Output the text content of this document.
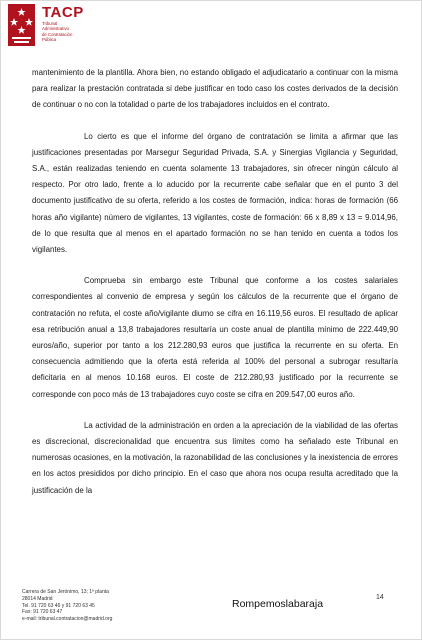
TACP
Tribunal
Administrativo
de Contratación
Pública

mantenimiento de la plantilla. Ahora bien, no estando obligado el adjudicatario a continuar con la misma para realizar la prestación contratada si debe justificar en todo caso los costes derivados de la decisión de continuar o no con la totalidad o parte de los trabajadores incluidos en el contrato.

Lo cierto es que el informe del órgano de contratación se limita a afirmar que las justificaciones presentadas por Marsegur Seguridad Privada, S.A. y Sinergias Vigilancia y Seguridad, S.A., están realizadas teniendo en cuenta solamente 13 trabajadores, sin ofrecer ningún cálculo al respecto. Por otro lado, frente a lo aducido por la recurrente cabe señalar que en el punto 3 del documento justificativo de su oferta, referido a los costes de formación, indica: horas de formación (66 horas año vigilante) número de vigilantes, 13 vigilantes, coste de formación: 66 x 8,89 x 13 = 9.014,96, de lo que resulta que al menos en el apartado formación no se han tenido en cuenta a todos los vigilantes.

Comprueba sin embargo este Tribunal que conforme a los costes salariales correspondientes al convenio de empresa y según los cálculos de la recurrente que el órgano de contratación no refuta, el coste año/vigilante diurno se cifra en 16.119,56 euros. El resultado de aplicar esa retribución anual a 13,8 trabajadores resultaría un coste anual de plantilla mínimo de 222.449,90 euros/año, superior por tanto a los 212.280,93 euros que justifica la recurrente en su oferta. En consecuencia admitiendo que la oferta está referida al 100% del personal a subrogar resultaría deficitaria en al menos 10.168 euros. El coste de 212.280,93 justificado por la recurrente se corresponde con poco más de 13 trabajadores cuyo coste se cifra en 209.547,00 euros año.

La actividad de la administración en orden a la apreciación de la viabilidad de las ofertas es discrecional, discrecionalidad que encuentra sus límites como ha señalado este Tribunal en numerosas ocasiones, en la motivación, la razonabilidad de las conclusiones y la inexistencia de errores en los actos presididos por dicho principio. En el caso que ahora nos ocupa resulta acreditado que la justificación de la

Carrera de San Jerónimo, 13; 1ª planta
28014 Madrid
Tel. 91 720 63 46 y 91 720 63 45
Fax: 91 720 63 47
e-mail: tribunal.contratacion@madrid.org
Rompemoslabaraja
14
